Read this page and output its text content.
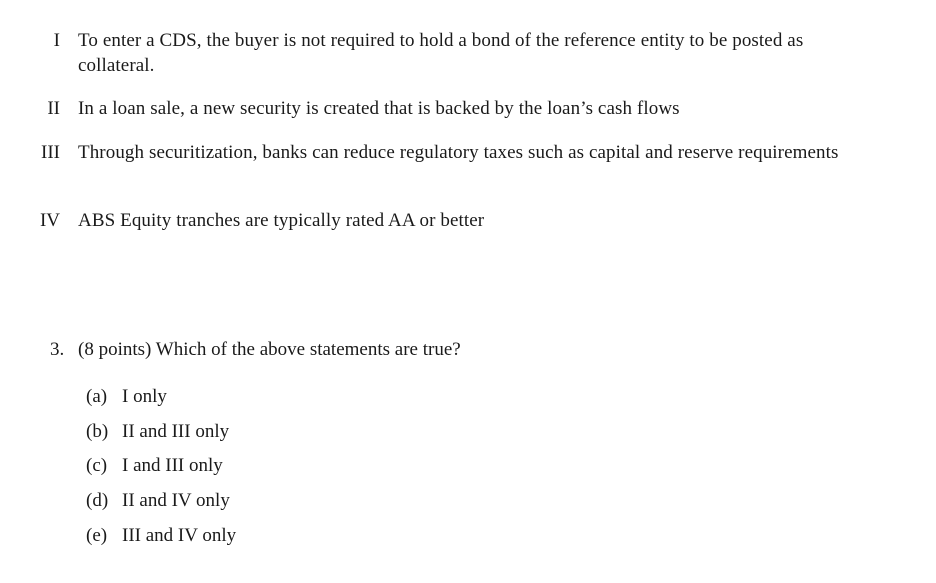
I To enter a CDS, the buyer is not required to hold a bond of the reference entity to be posted as collateral.
II In a loan sale, a new security is created that is backed by the loan’s cash flows
III Through securitization, banks can reduce regulatory taxes such as capital and reserve requirements
IV ABS Equity tranches are typically rated AA or better
3. (8 points) Which of the above statements are true?
(a) I only
(b) II and III only
(c) I and III only
(d) II and IV only
(e) III and IV only
